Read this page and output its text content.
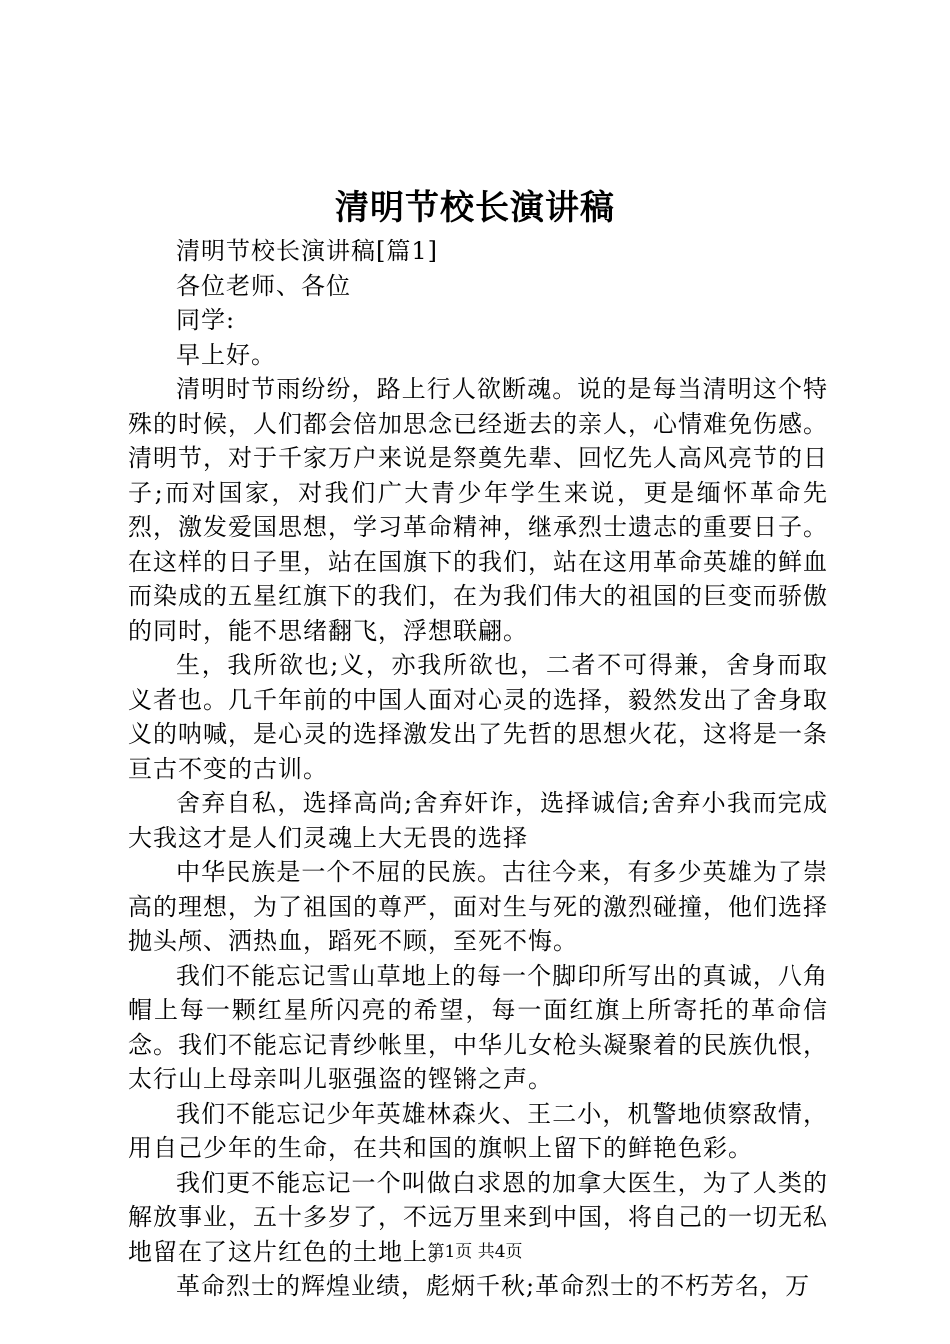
清明节校长演讲稿

清明节校长演讲稿[篇1]

各位老师、各位

同学:

早上好。

清明时节雨纷纷，路上行人欲断魂。说的是每当清明这个特殊的时候，人们都会倍加思念已经逝去的亲人，心情难免伤感。清明节，对于千家万户来说是祭奠先辈、回忆先人高风亮节的日子;而对国家，对我们广大青少年学生来说，更是缅怀革命先烈，激发爱国思想，学习革命精神，继承烈士遗志的重要日子。在这样的日子里，站在国旗下的我们，站在这用革命英雄的鲜血而染成的五星红旗下的我们，在为我们伟大的祖国的巨变而骄傲的同时，能不思绪翻飞，浮想联翩。

生，我所欲也;义，亦我所欲也，二者不可得兼，舍身而取义者也。几千年前的中国人面对心灵的选择，毅然发出了舍身取义的呐喊，是心灵的选择激发出了先哲的思想火花，这将是一条亘古不变的古训。

舍弃自私，选择高尚;舍弃奸诈，选择诚信;舍弃小我而完成大我这才是人们灵魂上大无畏的选择

中华民族是一个不屈的民族。古往今来，有多少英雄为了崇高的理想，为了祖国的尊严，面对生与死的激烈碰撞，他们选择抛头颅、洒热血，蹈死不顾，至死不悔。

我们不能忘记雪山草地上的每一个脚印所写出的真诚，八角帽上每一颗红星所闪亮的希望，每一面红旗上所寄托的革命信念。我们不能忘记青纱帐里，中华儿女枪头凝聚着的民族仇恨，太行山上母亲叫儿驱强盗的铿锵之声。

我们不能忘记少年英雄林森火、王二小，机警地侦察敌情，用自己少年的生命，在共和国的旗帜上留下的鲜艳色彩。

我们更不能忘记一个叫做白求恩的加拿大医生，为了人类的解放事业，五十多岁了，不远万里来到中国，将自己的一切无私地留在了这片红色的土地上。

革命烈士的辉煌业绩，彪炳千秋;革命烈士的不朽芳名，万

第1页 共4页
